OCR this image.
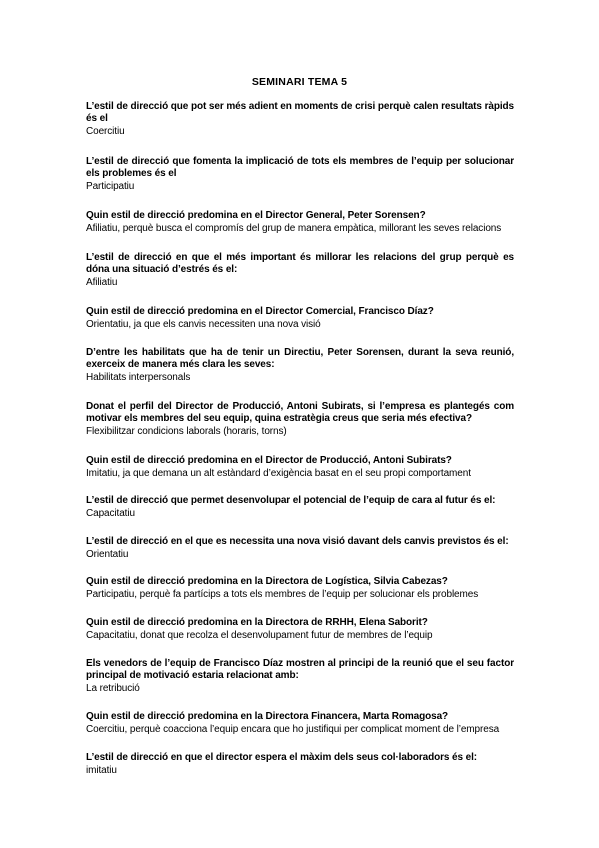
SEMINARI TEMA 5
L’estil de direcció que pot ser més adient en moments de crisi perquè calen resultats ràpids és el
Coercitiu
L’estil de direcció que fomenta la implicació de tots els membres de l’equip per solucionar els problemes és el
Participatiu
Quin estil de direcció predomina en el Director General, Peter Sorensen?
Afiliatiu, perquè busca el compromís del grup de manera empàtica, millorant les seves relacions
L’estil de direcció en que el més important és millorar les relacions del grup perquè es dóna una situació d’estrés és el:
Afiliatiu
Quin estil de direcció predomina en el Director Comercial, Francisco Díaz?
Orientatiu, ja que els canvis necessiten una nova visió
D’entre les habilitats que ha de tenir un Directiu, Peter Sorensen, durant la seva reunió, exerceix de manera més clara les seves:
Habilitats interpersonals
Donat el perfil del Director de Producció, Antoni Subirats, si l’empresa es plantegés com motivar els membres del seu equip, quina estratègia creus que seria més efectiva?
Flexibilitzar condicions laborals (horaris, torns)
Quin estil de direcció predomina en el Director de Producció, Antoni Subirats?
Imitatiu, ja que demana un alt estàndard d’exigència basat en el seu propi comportament
L’estil de direcció que permet desenvolupar el potencial de l’equip de cara al futur és el:
Capacitatiu
L’estil de direcció en el que es necessita una nova visió davant dels canvis previstos és el:
Orientatiu
Quin estil de direcció predomina en la Directora de Logística, Silvia Cabezas?
Participatiu, perquè fa partícips a tots els membres de l’equip per solucionar els problemes
Quin estil de direcció predomina en la Directora de RRHH, Elena Saborit?
Capacitatiu, donat que recolza el desenvolupament futur de membres de l’equip
Els venedors de l’equip de Francisco Díaz mostren al principi de la reunió que el seu factor principal de motivació estaria relacionat amb:
La retribució
Quin estil de direcció predomina en la Directora Financera, Marta Romagosa?
Coercitiu, perquè coacciona l’equip encara que ho justifiqui per complicat moment de l’empresa
L’estil de direcció en que el director espera el màxim dels seus col·laboradors és el:
imitatiu
